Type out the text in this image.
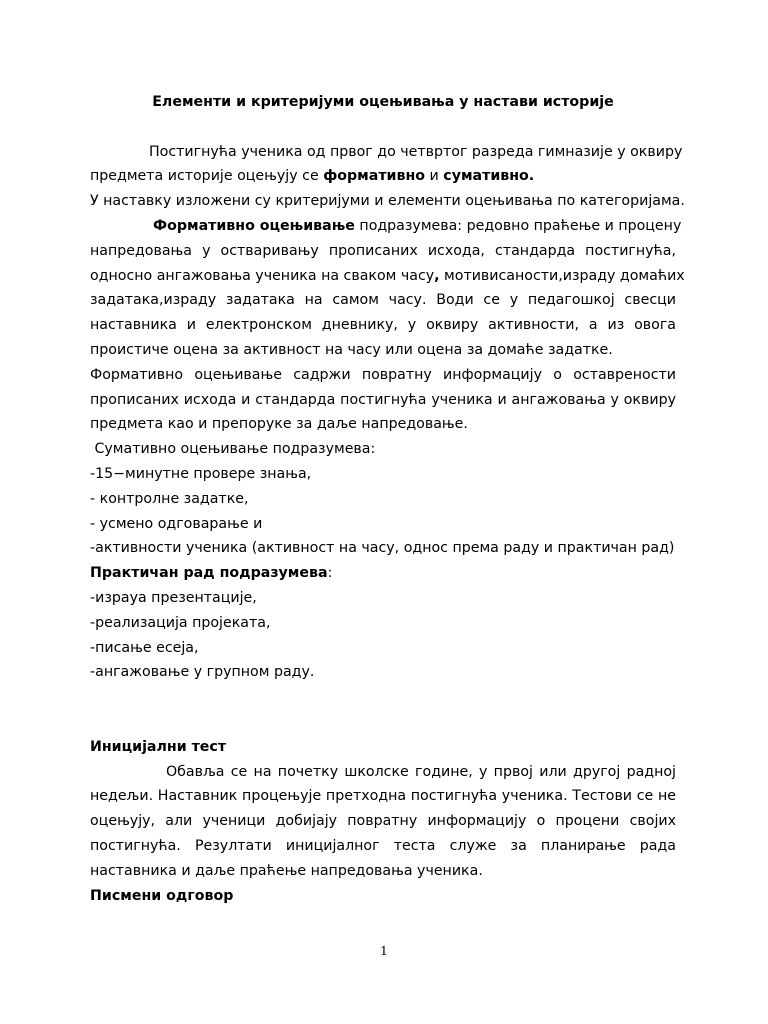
Елементи и критеријуми оцењивања у настави историје
Постигнућа ученика од првог до четвртог разреда гимназије у оквиру
предмета историје оцењују се формативно и сумативно.
У наставку изложени су критеријуми и елементи оцењивања по категоријама.
Формативно оцењивање подразумева: редовно праћење и процену
напредовања у остваривању прописаних исхода, стандарда постигнућа,
односно ангажовања ученика на сваком часу, мотивисаности,израду домаћих
задатака,израду задатака на самом часу. Води се у педагошкој свесци
наставника и електронском дневнику, у оквиру активности, а из овога
проистиче оцена за активност на часу или оцена за домаће задатке.
Формативно оцењивање садржи повратну информацију о оставрености
прописаних исхода и стандарда постигнућа ученика и ангажовања у оквиру
предмета као и препоруке за даље напредовање.
Сумативно оцењивање подразумева:
-15−минутне провере знања,
- контролне задатке,
- усмено одговарање и
-активности ученика (активност на часу, однос према раду и практичан рад)
Практичан рад подразумева:
-израуа презентације,
-реализација пројеката,
-писање есеја,
-ангажовање у групном раду.
Иницијални тест
Обавља се на почетку школске године, у првој или другој радној
недељи. Наставник процењује претходна постигнућа ученика. Тестови се не
оцењују, али ученици добијају повратну информацију о процени својих
постигнућа. Резултати иницијалног теста служе за планирање рада
наставника и даље праћење напредовања ученика.
Писмени одговор
1
